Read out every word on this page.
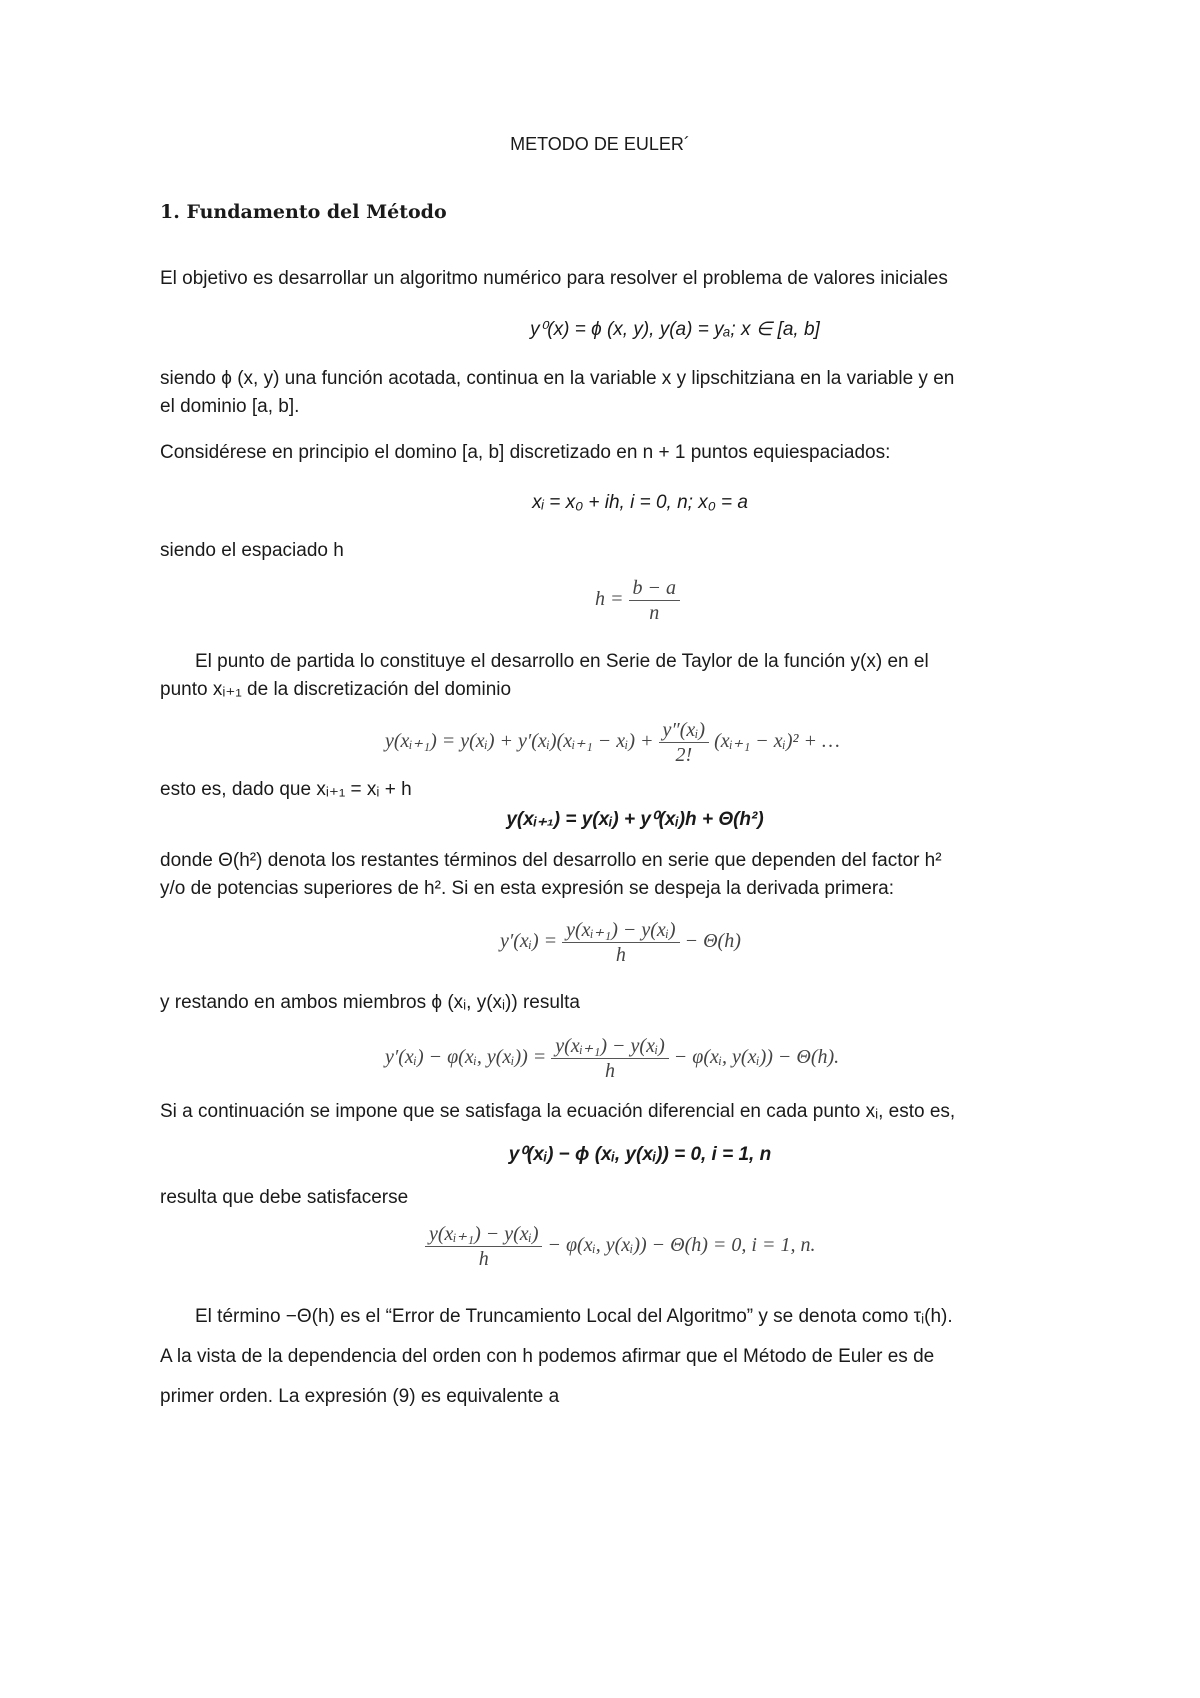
METODO DE EULER´
1. Fundamento del Método
El objetivo es desarrollar un algoritmo numérico para resolver el problema de valores iniciales
y⁰(x) = ϕ (x, y), y(a) = yₐ; x ∈ [a, b]
siendo ϕ (x, y) una función acotada, continua en la variable x y lipschitziana en la variable y en
el dominio [a, b].
Considérese en principio el domino [a, b] discretizado en n + 1 puntos equiespaciados:
xᵢ = x₀ + ih, i = 0, n; x₀ = a
siendo el espaciado h
$h = \frac{b - a}{n}$
El punto de partida lo constituye el desarrollo en Serie de Taylor de la función y(x) en el
punto xᵢ₊₁ de la discretización del dominio
y(xᵢ₊₁) = y(xᵢ) + y′(xᵢ)(xᵢ₊₁ − xᵢ) + $\frac{\text{y″(xᵢ)}}{2!}$ (xᵢ₊₁ − xᵢ)² + …
esto es, dado que xᵢ₊₁ = xᵢ + h
y(xᵢ₊₁) = y(xᵢ) + y⁰(xᵢ)h + Θ(h²)
donde Θ(h²) denota los restantes términos del desarrollo en serie que dependen del factor h²
y/o de potencias superiores de h². Si en esta expresión se despeja la derivada primera:
y′(xᵢ) = $\frac{\text{y(xᵢ₊₁) − y(xᵢ)}}{h} - \Theta(h)$
y restando en ambos miembros ϕ (xᵢ, y(xᵢ)) resulta
y′(xᵢ) − φ(xᵢ, y(xᵢ)) = $\frac{\text{y(xᵢ₊₁) − y(xᵢ)}}{h}$ − φ(xᵢ, y(xᵢ)) − Θ(h).
Si a continuación se impone que se satisfaga la ecuación diferencial en cada punto xᵢ, esto es,
y⁰(xᵢ) − ϕ (xᵢ, y(xᵢ)) = 0, i = 1, n
resulta que debe satisfacerse
$\frac{\text{y(xᵢ₊₁) − y(xᵢ)}}{h}$ − φ(xᵢ, y(xᵢ)) − Θ(h) = 0, i = 1, n.
El término −Θ(h) es el “Error de Truncamiento Local del Algoritmo” y se denota como τᵢ(h).
A la vista de la dependencia del orden con h podemos afirmar que el Método de Euler es de
primer orden. La expresión (9) es equivalente a
